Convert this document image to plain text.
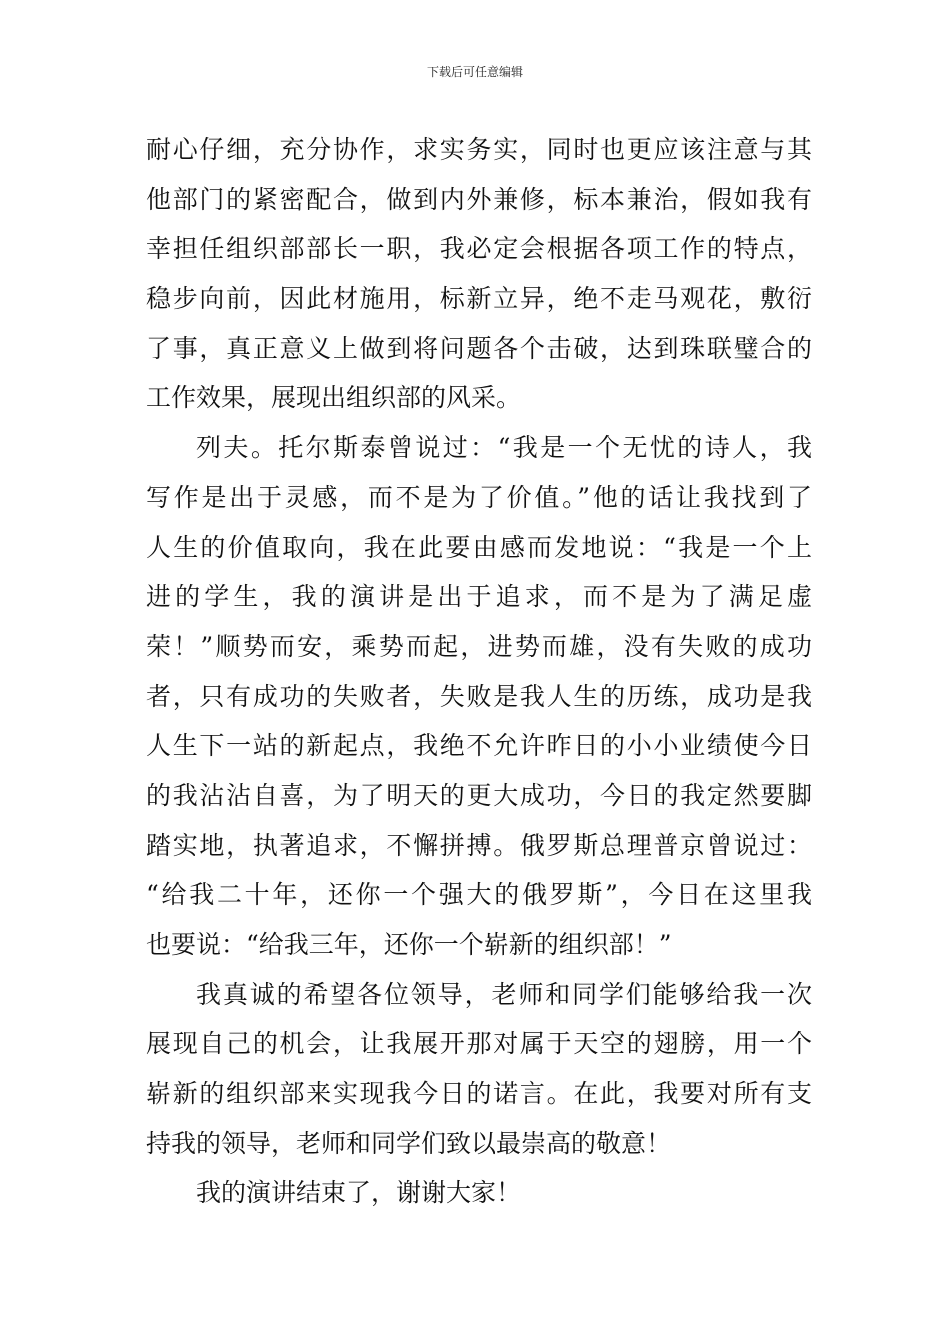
下载后可任意编辑
耐心仔细，充分协作，求实务实，同时也更应该注意与其
他部门的紧密配合，做到内外兼修，标本兼治，假如我有
幸担任组织部部长一职，我必定会根据各项工作的特点，
稳步向前，因此材施用，标新立异，绝不走马观花，敷衍
了事，真正意义上做到将问题各个击破，达到珠联璧合的
工作效果，展现出组织部的风采。
列夫。托尔斯泰曾说过：“我是一个无忧的诗人，我
写作是出于灵感，而不是为了价值。”他的话让我找到了
人生的价值取向，我在此要由感而发地说：“我是一个上
进的学生，我的演讲是出于追求，而不是为了满足虚
荣！”顺势而安，乘势而起，进势而雄，没有失败的成功
者，只有成功的失败者，失败是我人生的历练，成功是我
人生下一站的新起点，我绝不允许昨日的小小业绩使今日
的我沾沾自喜，为了明天的更大成功，今日的我定然要脚
踏实地，执著追求，不懈拼搏。俄罗斯总理普京曾说过：
“给我二十年，还你一个强大的俄罗斯”，今日在这里我
也要说：“给我三年，还你一个崭新的组织部！”
我真诚的希望各位领导，老师和同学们能够给我一次
展现自己的机会，让我展开那对属于天空的翅膀，用一个
崭新的组织部来实现我今日的诺言。在此，我要对所有支
持我的领导，老师和同学们致以最崇高的敬意！
我的演讲结束了，谢谢大家！
